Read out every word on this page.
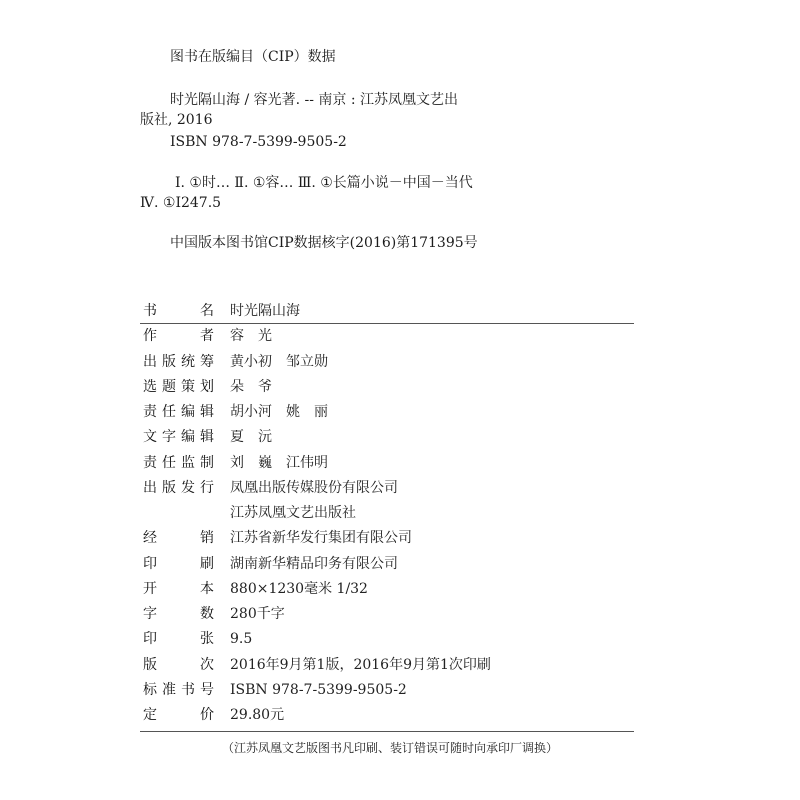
图书在版编目（CIP）数据
时光隔山海 / 容光著. -- 南京 : 江苏凤凰文艺出
版社, 2016
ISBN 978-7-5399-9505-2
Ⅰ. ①时… Ⅱ. ①容… Ⅲ. ①长篇小说－中国－当代
Ⅳ. ①I247.5
中国版本图书馆CIP数据核字(2016)第171395号
书　　名 时光隔山海
作　　者 容　光
出版统筹 黄小初　邹立勋
选题策划 朵　爷
责任编辑 胡小河　姚　丽
文字编辑 夏　沅
责任监制 刘　巍　江伟明
出版发行 凤凰出版传媒股份有限公司
江苏凤凰文艺出版社
经　　销 江苏省新华发行集团有限公司
印　　刷 湖南新华精品印务有限公司
开　　本 880×1230毫米 1/32
字　　数 280千字
印　　张 9.5
版　　次 2016年9月第1版，2016年9月第1次印刷
标准书号 ISBN 978-7-5399-9505-2
定　　价 29.80元
（江苏凤凰文艺版图书凡印刷、装订错误可随时向承印厂调换）
